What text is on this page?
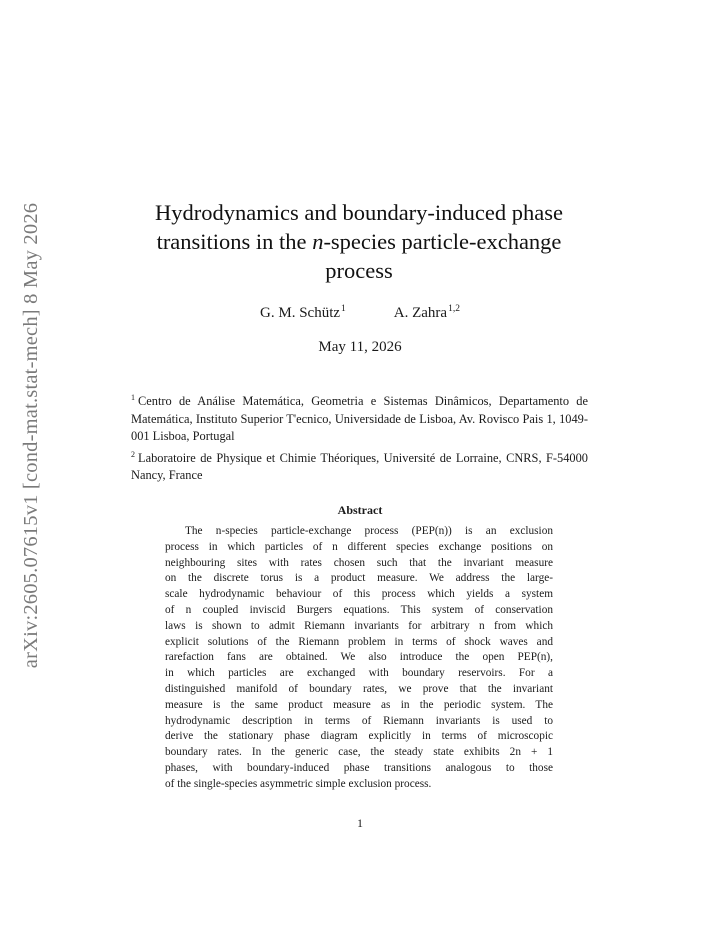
arXiv:2605.07615v1 [cond-mat.stat-mech] 8 May 2026	Hydrodynamics and boundary-induced phase
transitions in the n-species particle-exchange
process
G. M. Schütz$^1$	A. Zahra$^{1,2}$
May 11, 2026

$^1$ Centro de Análise Matemática, Geometria e Sistemas Dinâmicos, Departamento de Matemática, Instituto Superior T'ecnico, Universidade de Lisboa, Av. Rovisco Pais 1, 1049-001 Lisboa, Portugal

$^2$ Laboratoire de Physique et Chimie Théoriques, Université de Lorraine, CNRS, F-54000 Nancy, France

Abstract
The n-species particle-exchange process (PEP(n)) is an exclusion
process in which particles of n different species exchange positions on
neighbouring sites with rates chosen such that the invariant measure
on the discrete torus is a product measure. We address the large-
scale hydrodynamic behaviour of this process which yields a system
of n coupled inviscid Burgers equations. This system of conservation
laws is shown to admit Riemann invariants for arbitrary n from which
explicit solutions of the Riemann problem in terms of shock waves and
rarefaction fans are obtained. We also introduce the open PEP(n),
in which particles are exchanged with boundary reservoirs. For a
distinguished manifold of boundary rates, we prove that the invariant
measure is the same product measure as in the periodic system. The
hydrodynamic description in terms of Riemann invariants is used to
derive the stationary phase diagram explicitly in terms of microscopic
boundary rates. In the generic case, the steady state exhibits 2n + 1
phases, with boundary-induced phase transitions analogous to those
of the single-species asymmetric simple exclusion process.
1
